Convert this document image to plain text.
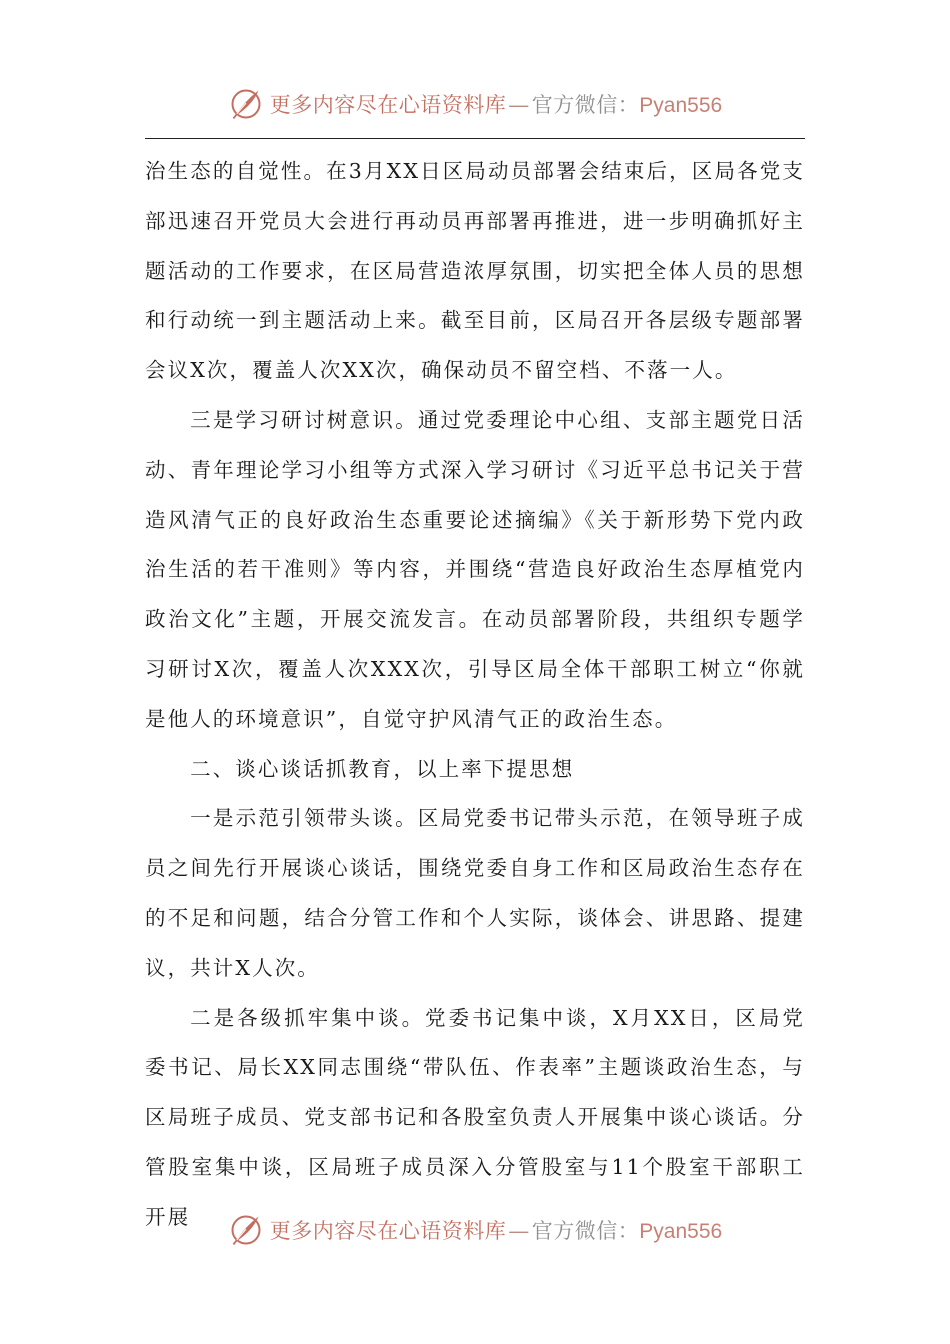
更多内容尽在心语资料库—官方微信：Pyan556

治生态的自觉性。在3月XX日区局动员部署会结束后，区局各党支部迅速召开党员大会进行再动员再部署再推进，进一步明确抓好主题活动的工作要求，在区局营造浓厚氛围，切实把全体人员的思想和行动统一到主题活动上来。截至目前，区局召开各层级专题部署会议X次，覆盖人次XX次，确保动员不留空档、不落一人。

三是学习研讨树意识。通过党委理论中心组、支部主题党日活动、青年理论学习小组等方式深入学习研讨《习近平总书记关于营造风清气正的良好政治生态重要论述摘编》《关于新形势下党内政治生活的若干准则》等内容，并围绕“营造良好政治生态厚植党内政治文化”主题，开展交流发言。在动员部署阶段，共组织专题学习研讨X次，覆盖人次XXX次，引导区局全体干部职工树立“你就是他人的环境意识”，自觉守护风清气正的政治生态。

二、谈心谈话抓教育，以上率下提思想

一是示范引领带头谈。区局党委书记带头示范，在领导班子成员之间先行开展谈心谈话，围绕党委自身工作和区局政治生态存在的不足和问题，结合分管工作和个人实际，谈体会、讲思路、提建议，共计X人次。

二是各级抓牢集中谈。党委书记集中谈，X月XX日，区局党委书记、局长XX同志围绕“带队伍、作表率”主题谈政治生态，与区局班子成员、党支部书记和各股室负责人开展集中谈心谈话。分管股室集中谈，区局班子成员深入分管股室与11个股室干部职工开展

更多内容尽在心语资料库—官方微信：Pyan556
